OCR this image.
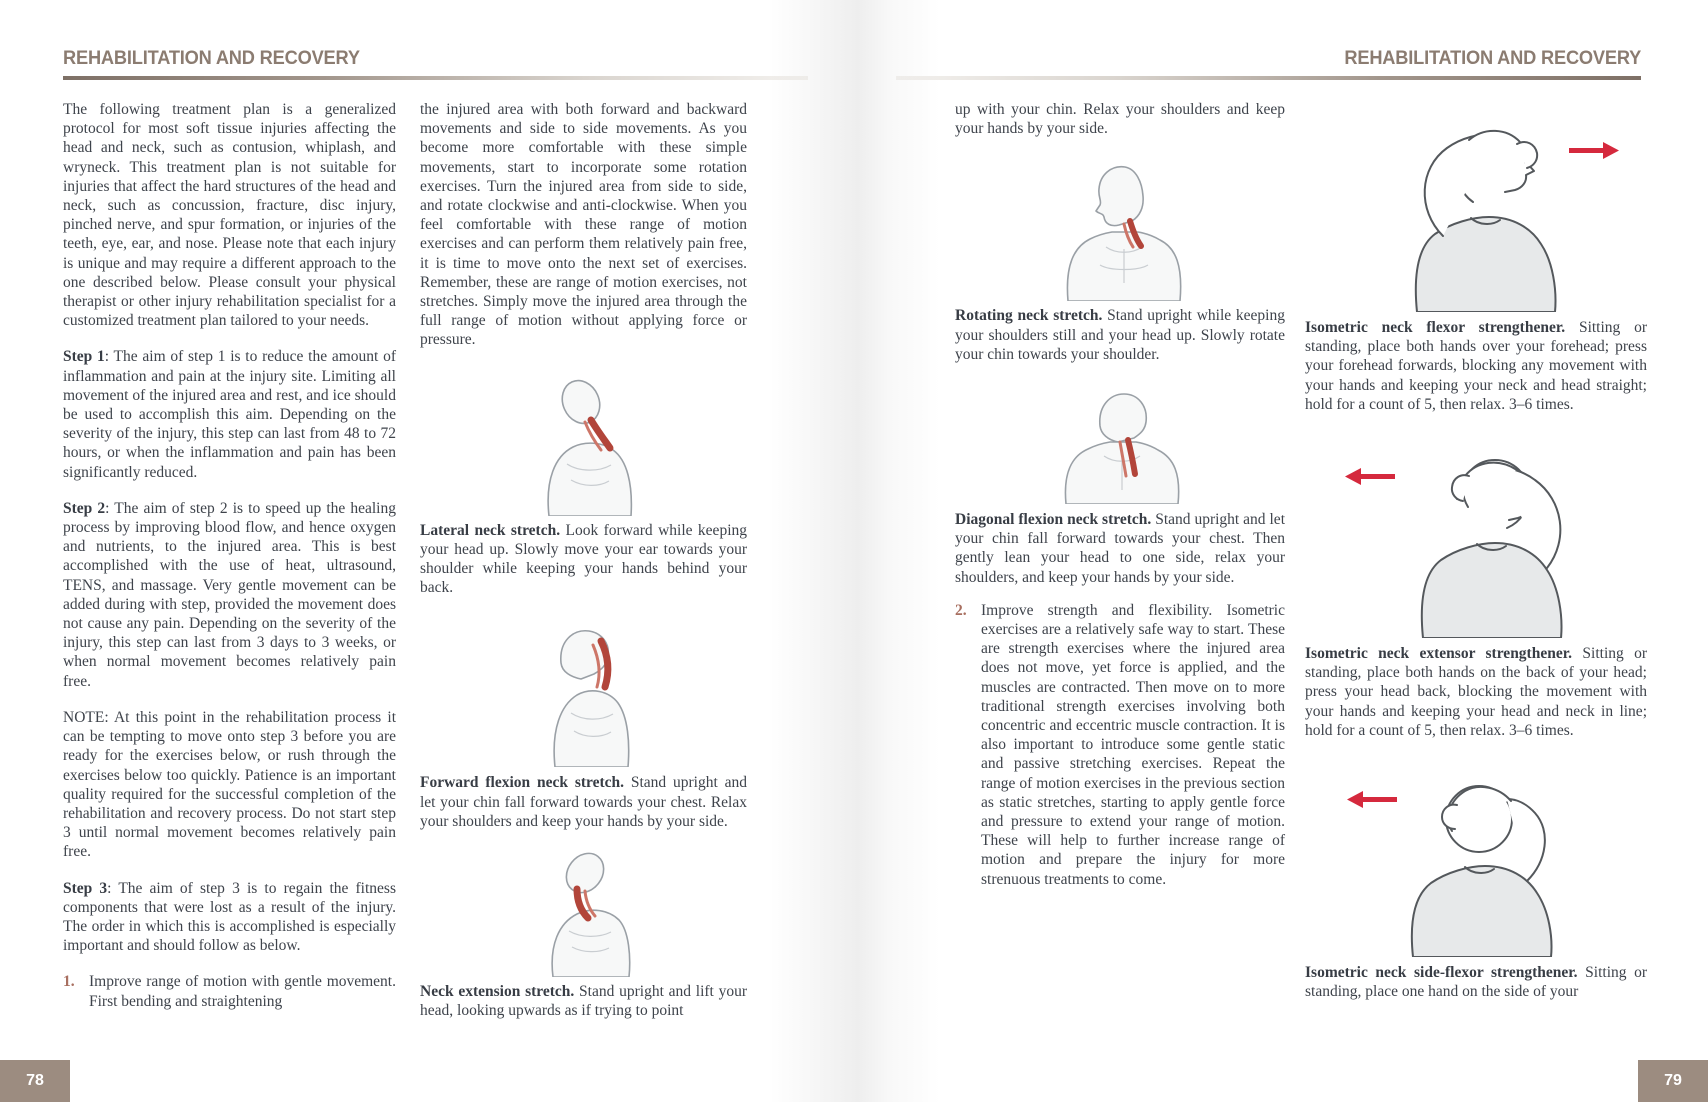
REHABILITATION AND RECOVERY	REHABILITATION AND RECOVERY

The following treatment plan is a generalized protocol for most soft tissue injuries affecting the head and neck, such as contusion, whiplash, and wryneck. This treatment plan is not suitable for injuries that affect the hard structures of the head and neck, such as concussion, fracture, disc injury, pinched nerve, and spur formation, or injuries of the teeth, eye, ear, and nose. Please note that each injury is unique and may require a different approach to the one described below. Please consult your physical therapist or other injury rehabilitation specialist for a customized treatment plan tailored to your needs.

Step 1: The aim of step 1 is to reduce the amount of inflammation and pain at the injury site. Limiting all movement of the injured area and rest, and ice should be used to accomplish this aim. Depending on the severity of the injury, this step can last from 48 to 72 hours, or when the inflammation and pain has been significantly reduced.

Step 2: The aim of step 2 is to speed up the healing process by improving blood flow, and hence oxygen and nutrients, to the injured area. This is best accomplished with the use of heat, ultrasound, TENS, and massage. Very gentle movement can be added during with step, provided the movement does not cause any pain. Depending on the severity of the injury, this step can last from 3 days to 3 weeks, or when normal movement becomes relatively pain free.

NOTE: At this point in the rehabilitation process it can be tempting to move onto step 3 before you are ready for the exercises below, or rush through the exercises below too quickly. Patience is an important quality required for the successful completion of the rehabilitation and recovery process. Do not start step 3 until normal movement becomes relatively pain free.

Step 3: The aim of step 3 is to regain the fitness components that were lost as a result of the injury. The order in which this is accomplished is especially important and should follow as below.

1. Improve range of motion with gentle movement. First bending and straightening

the injured area with both forward and backward movements and side to side movements. As you become more comfortable with these simple movements, start to incorporate some rotation exercises. Turn the injured area from side to side, and rotate clockwise and anti-clockwise. When you feel comfortable with these range of motion exercises and can perform them relatively pain free, it is time to move onto the next set of exercises. Remember, these are range of motion exercises, not stretches. Simply move the injured area through the full range of motion without applying force or pressure.

Lateral neck stretch. Look forward while keeping your head up. Slowly move your ear towards your shoulder while keeping your hands behind your back.

Forward flexion neck stretch. Stand upright and let your chin fall forward towards your chest. Relax your shoulders and keep your hands by your side.

Neck extension stretch. Stand upright and lift your head, looking upwards as if trying to point

up with your chin. Relax your shoulders and keep your hands by your side.

Rotating neck stretch. Stand upright while keeping your shoulders still and your head up. Slowly rotate your chin towards your shoulder.

Diagonal flexion neck stretch. Stand upright and let your chin fall forward towards your chest. Then gently lean your head to one side, relax your shoulders, and keep your hands by your side.

2. Improve strength and flexibility. Isometric exercises are a relatively safe way to start. These are strength exercises where the injured area does not move, yet force is applied, and the muscles are contracted. Then move on to more traditional strength exercises involving both concentric and eccentric muscle contraction. It is also important to introduce some gentle static and passive stretching exercises. Repeat the range of motion exercises in the previous section as static stretches, starting to apply gentle force and pressure to extend your range of motion. These will help to further increase range of motion and prepare the injury for more strenuous treatments to come.

Isometric neck flexor strengthener. Sitting or standing, place both hands over your forehead; press your forehead forwards, blocking any movement with your hands and keeping your neck and head straight; hold for a count of 5, then relax. 3–6 times.

Isometric neck extensor strengthener. Sitting or standing, place both hands on the back of your head; press your head back, blocking the movement with your hands and keeping your head and neck in line; hold for a count of 5, then relax. 3–6 times.

Isometric neck side-flexor strengthener. Sitting or standing, place one hand on the side of your

78	79
